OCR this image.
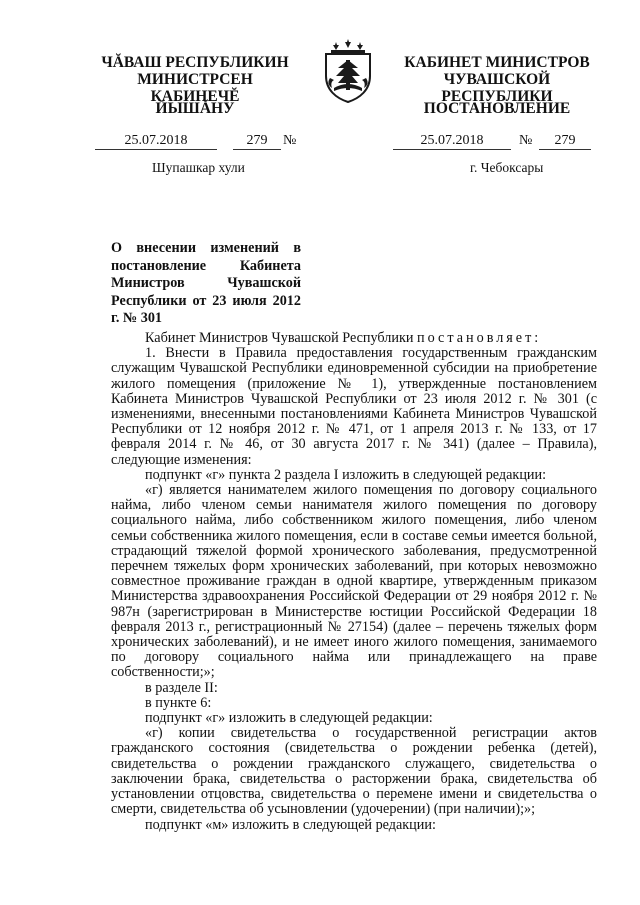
ЧĂВАШ РЕСПУБЛИКИН
МИНИСТРСЕН КАБИНЕЧĔ
ЙЫШĂНУ
КАБИНЕТ МИНИСТРОВ
ЧУВАШСКОЙ РЕСПУБЛИКИ
ПОСТАНОВЛЕНИЕ
25.07.2018	279	№	25.07.2018	№	279
Шупашкар хули	г. Чебоксары
О внесении изменений в постановление Кабинета Министров Чувашской Республики от 23 июля 2012 г. № 301

Кабинет Министров Чувашской Республики постановляет:

1. Внести в Правила предоставления государственным гражданским служащим Чувашской Республики единовременной субсидии на приобретение жилого помещения (приложение № 1), утвержденные постановлением Кабинета Министров Чувашской Республики от 23 июля 2012 г. № 301 (с изменениями, внесенными постановлениями Кабинета Министров Чувашской Республики от 12 ноября 2012 г. № 471, от 1 апреля 2013 г. № 133, от 17 февраля 2014 г. № 46, от 30 августа 2017 г. № 341) (далее – Правила), следующие изменения:

подпункт «г» пункта 2 раздела I изложить в следующей редакции:

«г) является нанимателем жилого помещения по договору социального найма, либо членом семьи нанимателя жилого помещения по договору социального найма, либо собственником жилого помещения, либо членом семьи собственника жилого помещения, если в составе семьи имеется больной, страдающий тяжелой формой хронического заболевания, предусмотренной перечнем тяжелых форм хронических заболеваний, при которых невозможно совместное проживание граждан в одной квартире, утвержденным приказом Министерства здравоохранения Российской Федерации от 29 ноября 2012 г. № 987н (зарегистрирован в Министерстве юстиции Российской Федерации 18 февраля 2013 г., регистрационный № 27154) (далее – перечень тяжелых форм хронических заболеваний), и не имеет иного жилого помещения, занимаемого по договору социального найма или принадлежащего на праве собственности;»;

в разделе II:

в пункте 6:

подпункт «г» изложить в следующей редакции:

«г) копии свидетельства о государственной регистрации актов гражданского состояния (свидетельства о рождении ребенка (детей), свидетельства о рождении гражданского служащего, свидетельства о заключении брака, свидетельства о расторжении брака, свидетельства об установлении отцовства, свидетельства о перемене имени и свидетельства о смерти, свидетельства об усыновлении (удочерении) (при наличии);»;

подпункт «м» изложить в следующей редакции:
